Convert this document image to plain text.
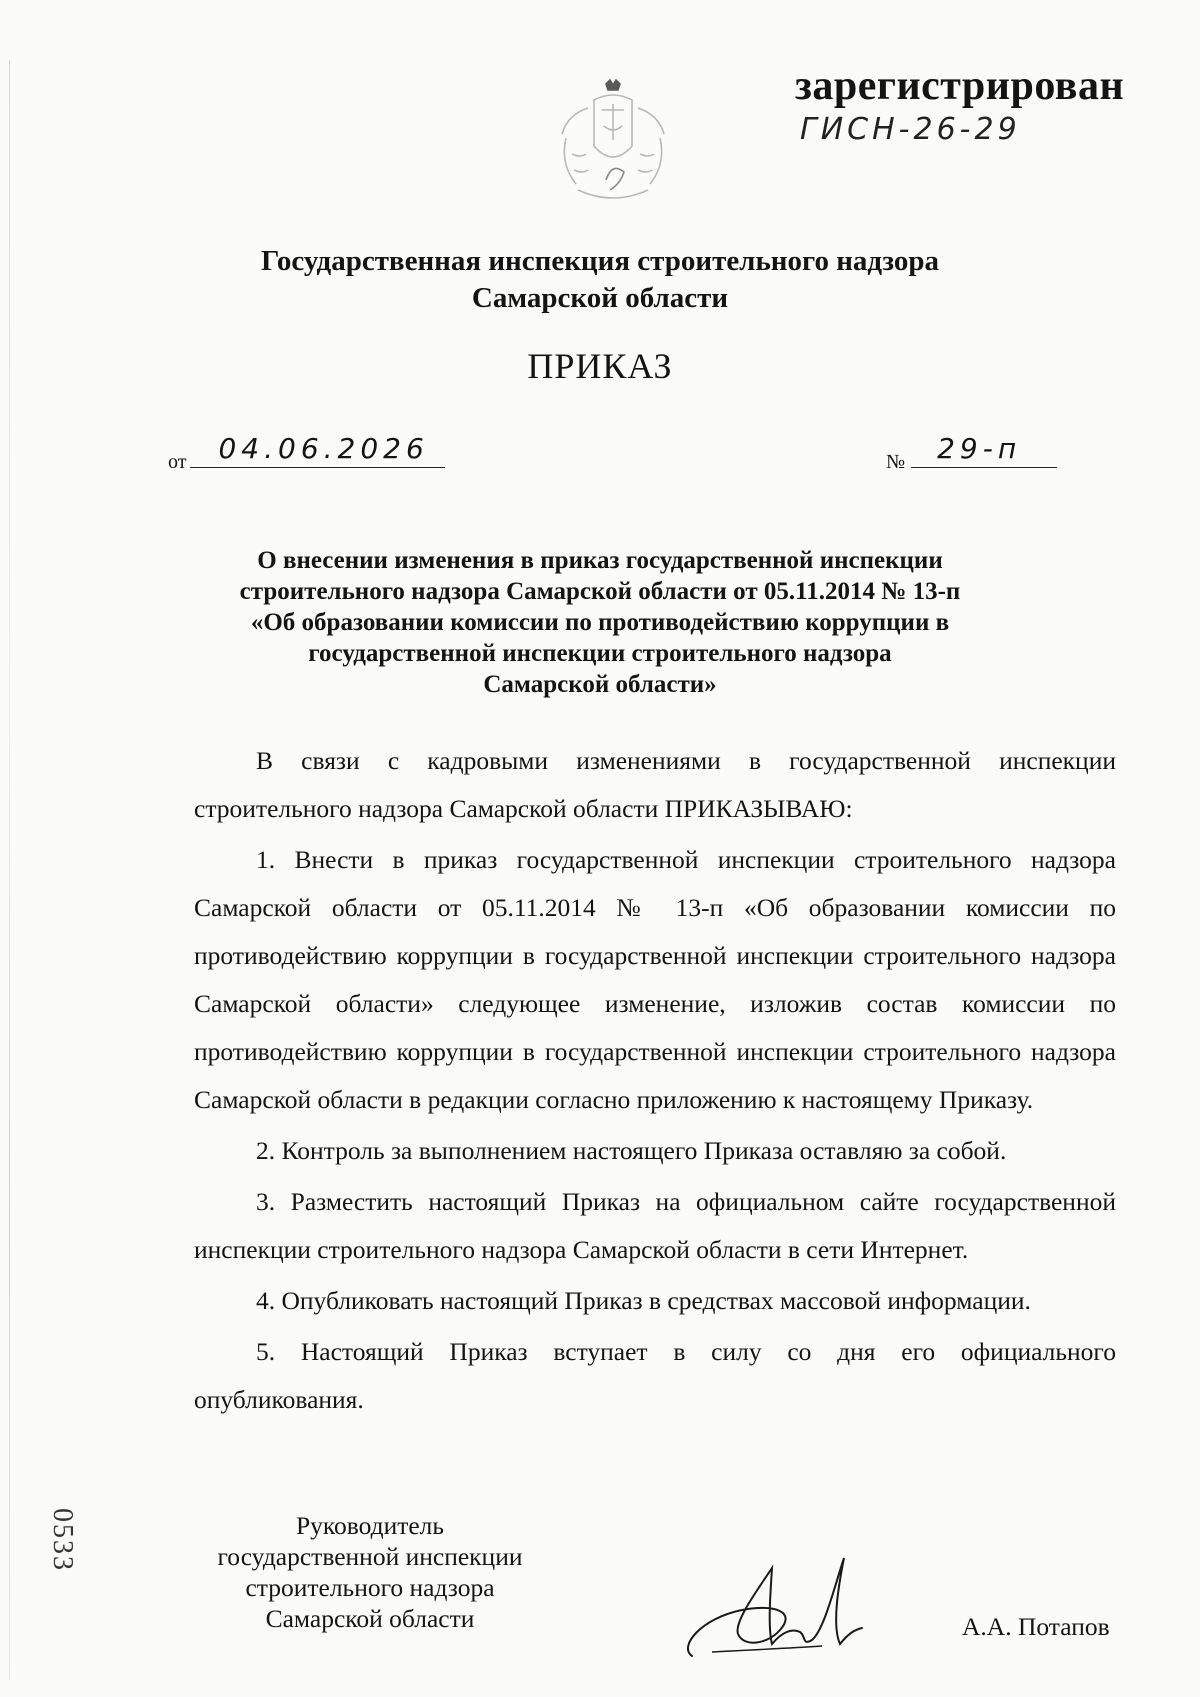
зарегистрирован
ГИСН-26-29
Государственная инспекция строительного надзора
Самарской области
ПРИКАЗ
от 04.06.2026	№ 29-п
О внесении изменения в приказ государственной инспекции
строительного надзора Самарской области от 05.11.2014 № 13-п
«Об образовании комиссии по противодействию коррупции в
государственной инспекции строительного надзора
Самарской области»

В связи с кадровыми изменениями в государственной инспекции строительного надзора Самарской области ПРИКАЗЫВАЮ:

1. Внести в приказ государственной инспекции строительного надзора Самарской области от 05.11.2014 № 13-п «Об образовании комиссии по противодействию коррупции в государственной инспекции строительного надзора Самарской области» следующее изменение, изложив состав комиссии по противодействию коррупции в государственной инспекции строительного надзора Самарской области в редакции согласно приложению к настоящему Приказу.

2. Контроль за выполнением настоящего Приказа оставляю за собой.

3. Разместить настоящий Приказ на официальном сайте государственной инспекции строительного надзора Самарской области в сети Интернет.

4. Опубликовать настоящий Приказ в средствах массовой информации.

5. Настоящий Приказ вступает в силу со дня его официального опубликования.

Руководитель
государственной инспекции
строительного надзора
Самарской области	А.А. Потапов
0533
